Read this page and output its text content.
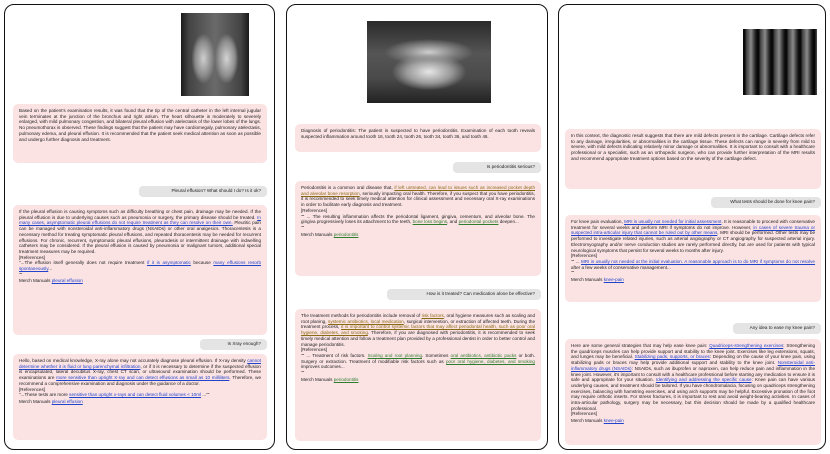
Based on the patient's examination results, it was found that the tip of the central catheter in the left internal jugular vein terminates at the junction of the bronchus and right atrium. The heart silhouette is moderately to severely enlarged, with mild pulmonary congestion, and bilateral pleural effusion with atelectasis of the lower lobes of the lungs. No pneumothorax is observed. These findings suggest that the patient may have cardiomegaly, pulmonary atelectasis, pulmonary edema, and pleural effusion. It is recommended that the patient seek medical attention as soon as possible and undergo further diagnosis and treatment.
Pleural effusion? What should I do? Is it ok?
If the pleural effusion is causing symptoms such as difficulty breathing or chest pain, drainage may be needed. If the pleural effusion is due to underlying causes such as pneumonia or surgery, the primary disease should be treated. In many cases, asymptomatic pleural effusions do not require treatment as they can resolve on their own. Pleuritic pain can be managed with nonsteroidal anti-inflammatory drugs (NSAIDs) or other oral analgesics. Thoracentesis is a necessary method for treating symptomatic pleural effusions, and repeated thoracentesis may be needed for recurrent effusions. For chronic, recurrent, symptomatic pleural effusions, pleurodesis or intermittent drainage with indwelling catheters may be considered. If the pleural effusion is caused by pneumonia or malignant tumors, additional special treatment measures may be required.
[References]
"...The effusion itself generally does not require treatment if it is asymptomatic because many effusions resorb spontaneously...
""
Merch Manuals pleural effusion
Is Xray enough?
Hello, based on medical knowledge, X-ray alone may not accurately diagnose pleural effusion. If X-ray density cannot determine whether it is fluid or lung parenchymal infiltration, or if it is necessary to determine if the suspected effusion is encapsulated, lateral decubitus X-ray, chest CT scan, or ultrasound examination should be performed. These examinations are more sensitive than upright X-ray and can detect effusions as small as 10 milliliters. Therefore, we recommend a comprehensive examination and diagnosis under the guidance of a doctor.
[References]
"...These tests are more sensitive than upright x-rays and can detect fluid volumes < 10ml ...""
Merch Manuals pleural effusion
Diagnosis of periodontitis: The patient is suspected to have periodontitis. Examination of each tooth reveals suspected inflammation around tooth 16, tooth 24, tooth 26, tooth 34, tooth 36, and tooth 46.
Is periodontitis serious?
Periodontitis is a common oral disease that, if left untreated, can lead to issues such as increased pocket depth and alveolar bone resorption, seriously impacting oral health. Therefore, if you suspect that you have periodontitis, it is recommended to seek timely medical attention for clinical assessment and necessary oral X-ray examinations in order to facilitate early diagnosis and treatment.
[References]
"" ... The resulting inflammation affects the periodontal ligament, gingiva, cementum, and alveolar bone. The gingiva progressively loses its attachment to the teeth, bone loss begins, and periodontal pockets deepen...
""
Merch Manuals periodontitis
How is it treated? Can medication alone be effective?
The treatment methods for periodontitis include removal of risk factors, oral hygiene measures such as scaling and root planing, systemic antibiotics, local medication, surgical intervention, or extraction of affected teeth. During the treatment process, it is important to control systemic factors that may affect periodontal health, such as poor oral hygiene, diabetes, and smoking. Therefore, if you are diagnosed with periodontitis, it is recommended to seek timely medical attention and follow a treatment plan provided by a professional dentist in order to better control and manage periodontitis.
[References]
"" ... Treatment of risk factors. Scaling and root planning. Sometimes oral antibiotics, antibiotic packs or both. Surgery or extraction. Treatment of modifiable risk factors such as poor oral hygiene, diabetes, and smoking improves outcomes...
""
Merch Manuals periodontitis
In this context, the diagnostic result suggests that there are mild defects present in the cartilage. Cartilage defects refer to any damage, irregularities, or abnormalities in the cartilage tissue. These defects can range in severity from mild to severe, with mild defects indicating relatively minor damage or abnormalities. It is important to consult with a healthcare professional or a specialist, such as an orthopedic surgeon, who can provide further interpretation of the MRI results and recommend appropriate treatment options based on the severity of the cartilage defect.
What tests should be done for knee pain?
For knee pain evaluation, MRI is usually not needed for initial assessment. It is reasonable to proceed with conservative treatment for several weeks and perform MRI if symptoms do not improve. However, in cases of severe trauma or suspected intra-articular injury that cannot be ruled out by other means, MRI should be performed. Other tests may be performed to investigate related injuries, such as arterial angiography or CT angiography for suspected arterial injury. Electromyography and/or nerve conduction studies are rarely performed directly, but are used for patients with typical neurological symptoms that persist for several weeks to months after injury.
[References]
"" ... MRI is usually not needed at the initial evaluation. A reasonable approach is to do MRI if symptoms do not resolve after a few weeks of conservative management...
""
Merch Manuals knee-pain
Any idea to ease my knee pain?
Here are some general strategies that may help ease knee pain: Quadriceps-strengthening exercises: Strengthening the quadriceps muscles can help provide support and stability to the knee joint. Exercises like leg extensions, squats, and lunges may be beneficial. Stabilizing pads, supports, or braces: Depending on the cause of your knee pain, using stabilizing pads or braces may help provide additional support and stability to the knee joint. Nonsteroidal anti-inflammatory drugs (NSAIDs): NSAIDs, such as ibuprofen or naproxen, can help reduce pain and inflammation in the knee joint. However, it's important to consult with a healthcare professional before starting any medication to ensure it is safe and appropriate for your situation. Identifying and addressing the specific cause: Knee pain can have various underlying causes, and treatment should be tailored. If you have chondromalacia, focusing on quadriceps strengthening exercises, balancing with hamstring exercises, and using arch supports may be helpful. Excessive pronation of the foot may require orthotic inserts. For stress fractures, it is important to rest and avoid weight-bearing activities. In cases of intra-articular pathology, surgery may be necessary, but this decision should be made by a qualified healthcare professional.
[References]
Merch Manuals knee-pain
